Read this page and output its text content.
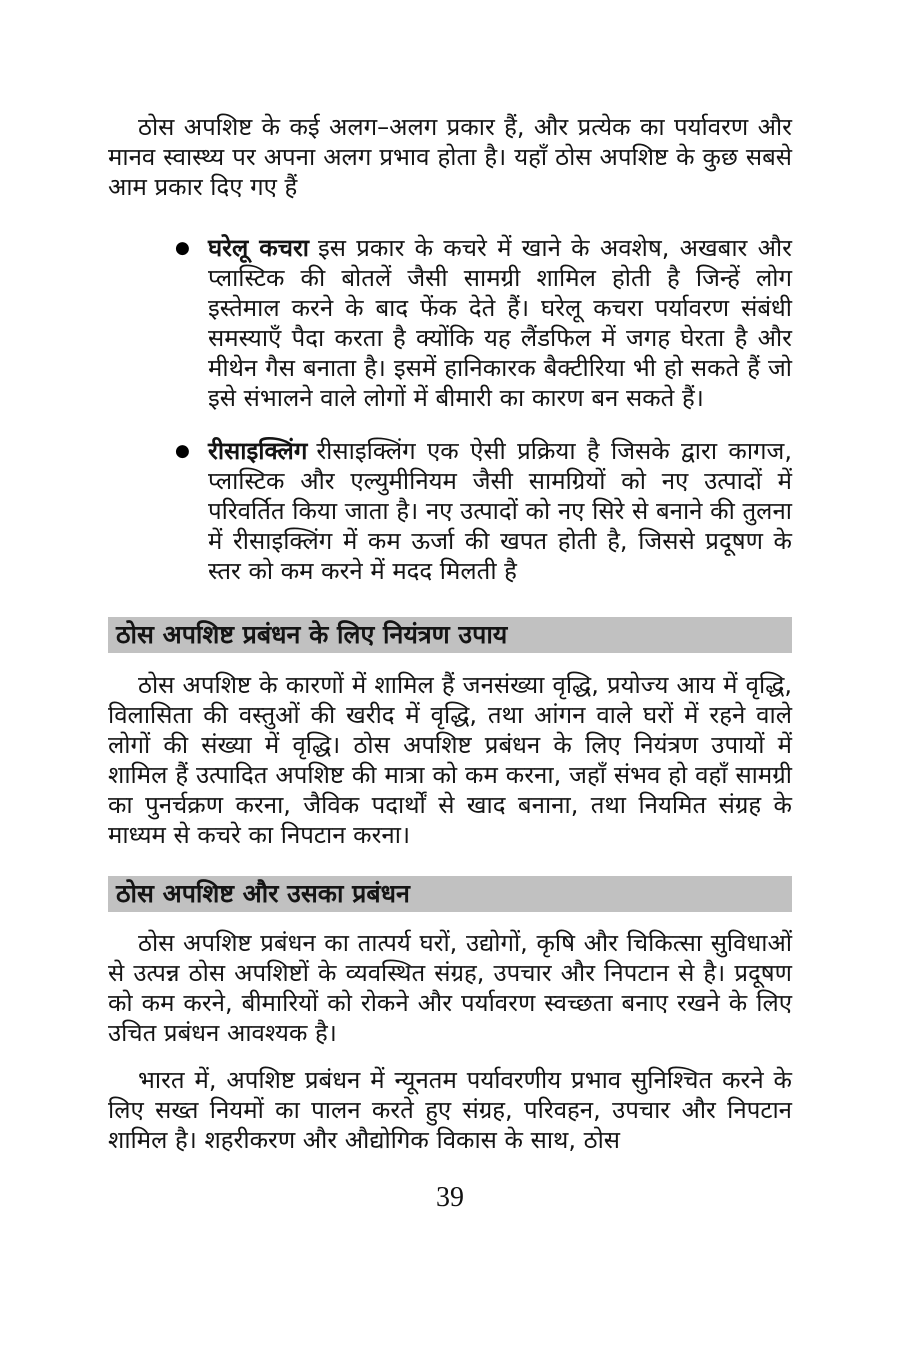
ठोस अपशिष्ट के कई अलग–अलग प्रकार हैं, और प्रत्येक का पर्यावरण और मानव स्वास्थ्य पर अपना अलग प्रभाव होता है। यहाँ ठोस अपशिष्ट के कुछ सबसे आम प्रकार दिए गए हैं

● घरेलू कचरा इस प्रकार के कचरे में खाने के अवशेष, अखबार और प्लास्टिक की बोतलें जैसी सामग्री शामिल होती है जिन्हें लोग इस्तेमाल करने के बाद फेंक देते हैं। घरेलू कचरा पर्यावरण संबंधी समस्याएँ पैदा करता है क्योंकि यह लैंडफिल में जगह घेरता है और मीथेन गैस बनाता है। इसमें हानिकारक बैक्टीरिया भी हो सकते हैं जो इसे संभालने वाले लोगों में बीमारी का कारण बन सकते हैं।
● रीसाइक्लिंग रीसाइक्लिंग एक ऐसी प्रक्रिया है जिसके द्वारा कागज, प्लास्टिक और एल्युमीनियम जैसी सामग्रियों को नए उत्पादों में परिवर्तित किया जाता है। नए उत्पादों को नए सिरे से बनाने की तुलना में रीसाइक्लिंग में कम ऊर्जा की खपत होती है, जिससे प्रदूषण के स्तर को कम करने में मदद मिलती है
ठोस अपशिष्ट प्रबंधन के लिए नियंत्रण उपाय

ठोस अपशिष्ट के कारणों में शामिल हैं जनसंख्या वृद्धि, प्रयोज्य आय में वृद्धि, विलासिता की वस्तुओं की खरीद में वृद्धि, तथा आंगन वाले घरों में रहने वाले लोगों की संख्या में वृद्धि। ठोस अपशिष्ट प्रबंधन के लिए नियंत्रण उपायों में शामिल हैं उत्पादित अपशिष्ट की मात्रा को कम करना, जहाँ संभव हो वहाँ सामग्री का पुनर्चक्रण करना, जैविक पदार्थों से खाद बनाना, तथा नियमित संग्रह के माध्यम से कचरे का निपटान करना।

ठोस अपशिष्ट और उसका प्रबंधन

ठोस अपशिष्ट प्रबंधन का तात्पर्य घरों, उद्योगों, कृषि और चिकित्सा सुविधाओं से उत्पन्न ठोस अपशिष्टों के व्यवस्थित संग्रह, उपचार और निपटान से है। प्रदूषण को कम करने, बीमारियों को रोकने और पर्यावरण स्वच्छता बनाए रखने के लिए उचित प्रबंधन आवश्यक है।

भारत में, अपशिष्ट प्रबंधन में न्यूनतम पर्यावरणीय प्रभाव सुनिश्चित करने के लिए सख्त नियमों का पालन करते हुए संग्रह, परिवहन, उपचार और निपटान शामिल है। शहरीकरण और औद्योगिक विकास के साथ, ठोस

39
